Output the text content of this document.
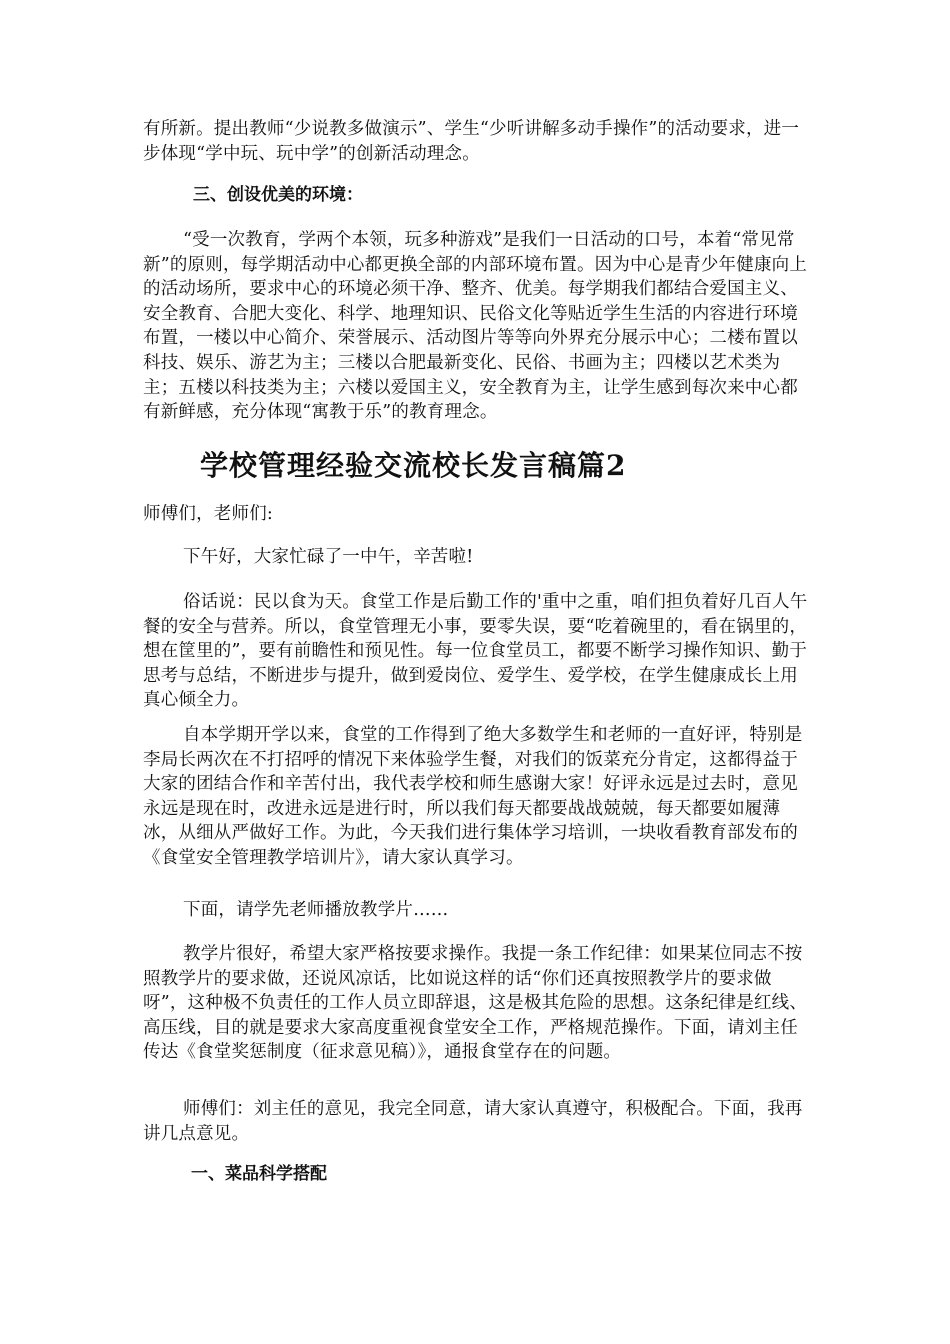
有所新。提出教师“少说教多做演示”、学生“少听讲解多动手操作”的活动要求，进一步体现“学中玩、玩中学”的创新活动理念。

三、创设优美的环境：

“受一次教育，学两个本领，玩多种游戏”是我们一日活动的口号，本着“常见常新”的原则，每学期活动中心都更换全部的内部环境布置。因为中心是青少年健康向上的活动场所，要求中心的环境必须干净、整齐、优美。每学期我们都结合爱国主义、安全教育、合肥大变化、科学、地理知识、民俗文化等贴近学生生活的内容进行环境布置，一楼以中心简介、荣誉展示、活动图片等等向外界充分展示中心；二楼布置以科技、娱乐、游艺为主；三楼以合肥最新变化、民俗、书画为主；四楼以艺术类为主；五楼以科技类为主；六楼以爱国主义，安全教育为主，让学生感到每次来中心都有新鲜感，充分体现“寓教于乐”的教育理念。

学校管理经验交流校长发言稿篇2

师傅们，老师们:

下午好，大家忙碌了一中午，辛苦啦!

俗话说：民以食为天。食堂工作是后勤工作的'重中之重，咱们担负着好几百人午餐的安全与营养。所以，食堂管理无小事，要零失误，要“吃着碗里的，看在锅里的，想在筐里的”，要有前瞻性和预见性。每一位食堂员工，都要不断学习操作知识、勤于思考与总结，不断进步与提升，做到爱岗位、爱学生、爱学校，在学生健康成长上用真心倾全力。

自本学期开学以来，食堂的工作得到了绝大多数学生和老师的一直好评，特别是李局长两次在不打招呼的情况下来体验学生餐，对我们的饭菜充分肯定，这都得益于大家的团结合作和辛苦付出，我代表学校和师生感谢大家！好评永远是过去时，意见永远是现在时，改进永远是进行时，所以我们每天都要战战兢兢，每天都要如履薄冰，从细从严做好工作。为此，今天我们进行集体学习培训，一块收看教育部发布的《食堂安全管理教学培训片》，请大家认真学习。

下面，请学先老师播放教学片……

教学片很好，希望大家严格按要求操作。我提一条工作纪律：如果某位同志不按照教学片的要求做，还说风凉话，比如说这样的话“你们还真按照教学片的要求做呀”，这种极不负责任的工作人员立即辞退，这是极其危险的思想。这条纪律是红线、高压线，目的就是要求大家高度重视食堂安全工作，严格规范操作。下面，请刘主任传达《食堂奖惩制度（征求意见稿）》，通报食堂存在的问题。

师傅们：刘主任的意见，我完全同意，请大家认真遵守，积极配合。下面，我再讲几点意见。

一、菜品科学搭配
